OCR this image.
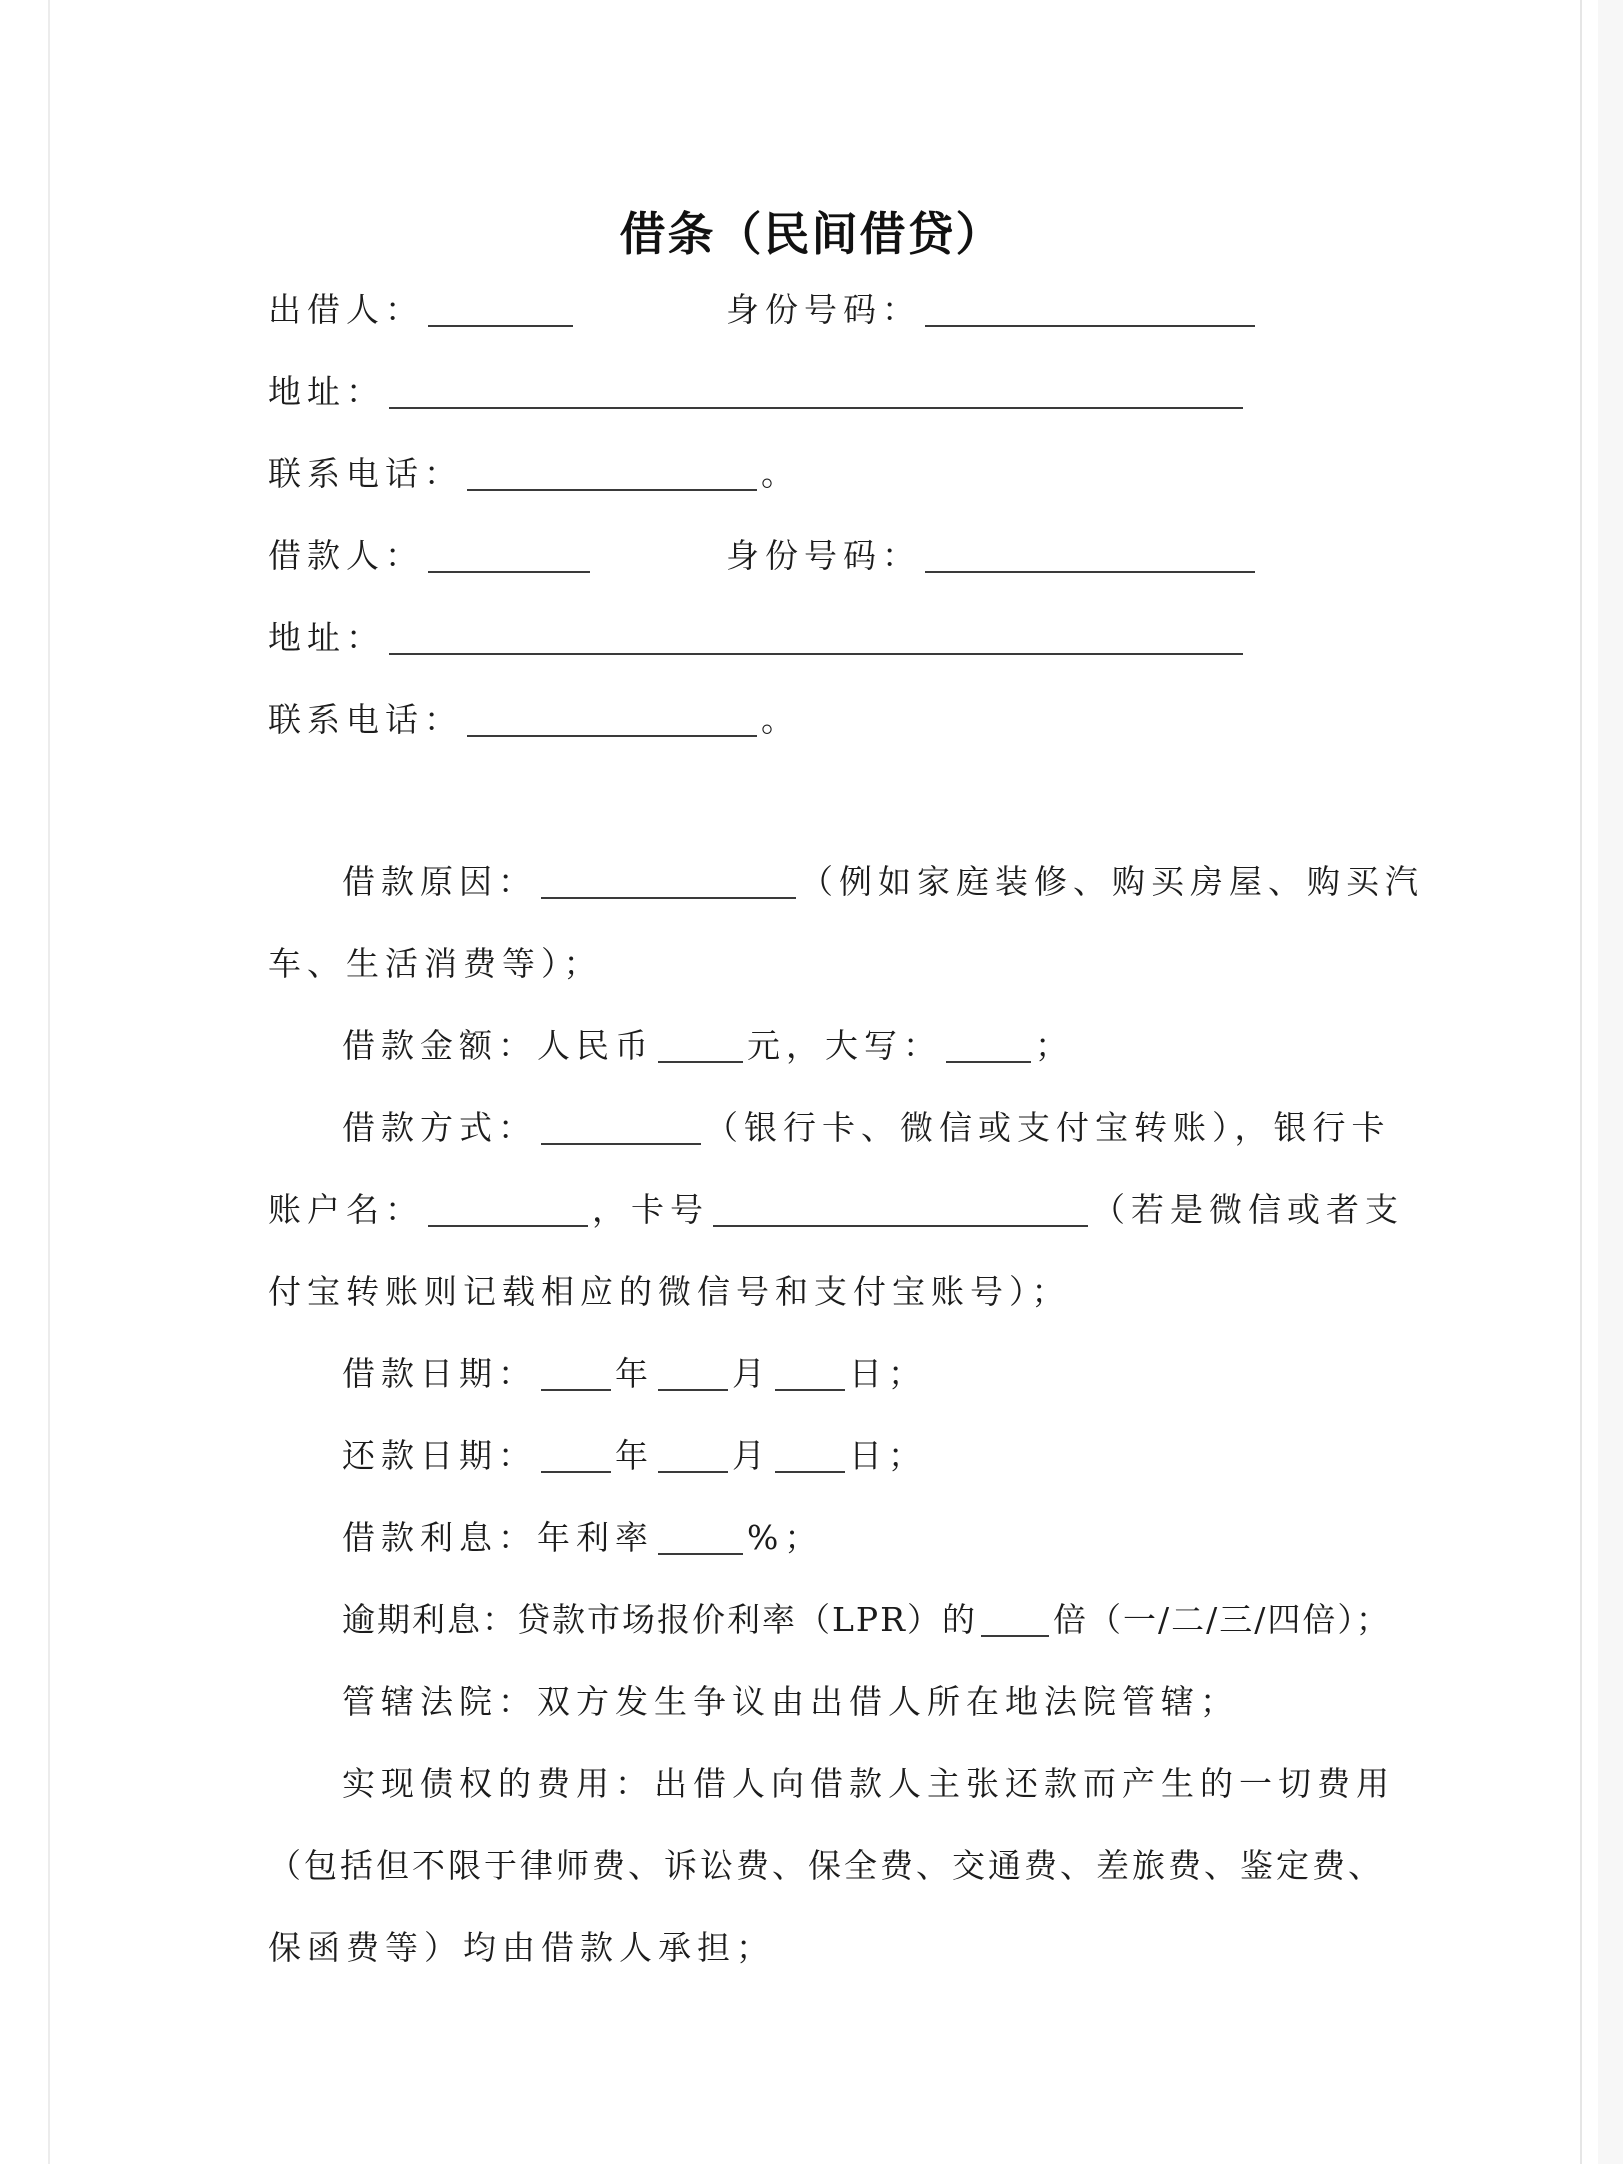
借条（民间借贷）
出借人：	身份号码：
地址：
联系电话：	。
借款人：	身份号码：
地址：
联系电话：	。
借款原因：	（例如家庭装修、购买房屋、购买汽
车、生活消费等）；
借款金额：人民币	元，大写：	；
借款方式：	（银行卡、微信或支付宝转账），银行卡
账户名：	，卡号	（若是微信或者支
付宝转账则记载相应的微信号和支付宝账号）；
借款日期： 年 月 日；
还款日期： 年 月 日；
借款利息：年利率	%；
逾期利息：贷款市场报价利率（LPR）的 倍（一/二/三/四倍）；
管辖法院：双方发生争议由出借人所在地法院管辖；
实现债权的费用：出借人向借款人主张还款而产生的一切费用
（包括但不限于律师费、诉讼费、保全费、交通费、差旅费、鉴定费、
保函费等）均由借款人承担；
